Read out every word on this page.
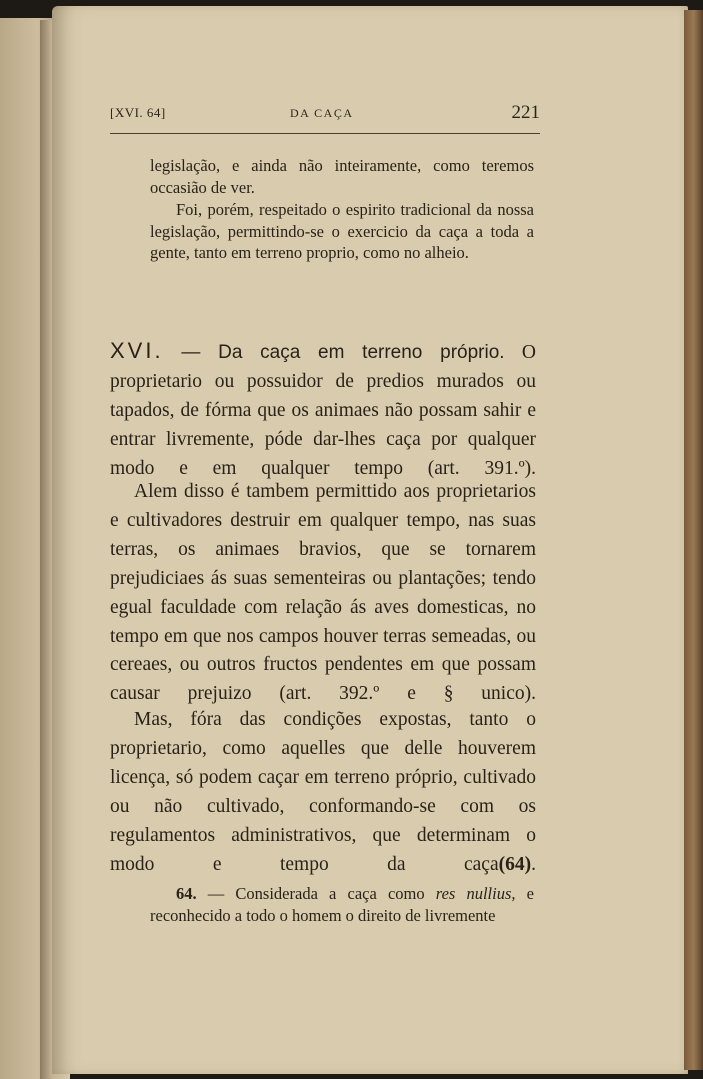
[XVI. 64]	DA CAÇA	221

legislação, e ainda não inteiramente, como teremos occasião de ver.

Foi, porém, respeitado o espirito tradicional da nossa legislação, permittindo-se o exercicio da caça a toda a gente, tanto em terreno proprio, como no alheio.

XVI. — Da caça em terreno próprio. O proprietario ou possuidor de predios murados ou tapados, de fórma que os animaes não possam sahir e entrar livremente, póde dar-lhes caça por qualquer modo e em qualquer tempo (art. 391.º).

Alem disso é tambem permittido aos proprietarios e cultivadores destruir em qualquer tempo, nas suas terras, os animaes bravios, que se tornarem prejudiciaes ás suas sementeiras ou plantações; tendo egual faculdade com relação ás aves domesticas, no tempo em que nos campos houver terras semeadas, ou cereaes, ou outros fructos pendentes em que possam causar prejuizo (art. 392.º e § unico).

Mas, fóra das condições expostas, tanto o proprietario, como aquelles que delle houverem licença, só podem caçar em terreno próprio, cultivado ou não cultivado, conformando-se com os regulamentos administrativos, que determinam o modo e tempo da caça(64).

64. — Considerada a caça como res nullius, e reconhecido a todo o homem o direito de livremente
